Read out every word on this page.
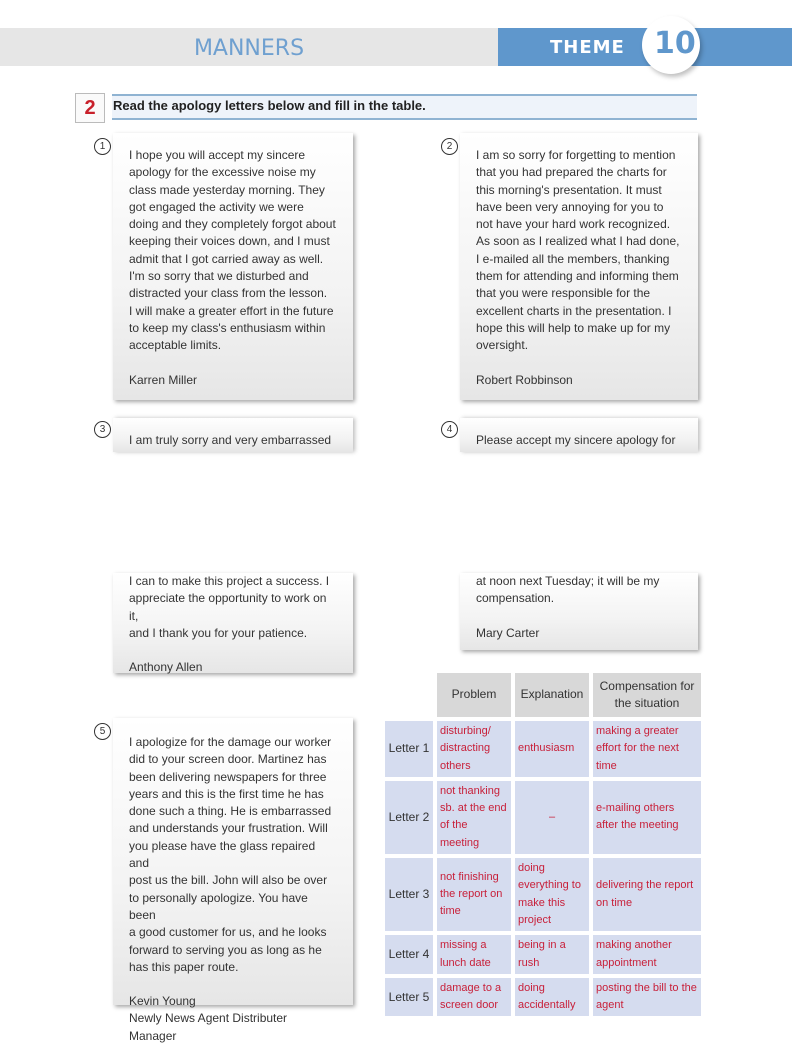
MANNERS	THEME 10
2	Read the apology letters below and fill in the table.
1

I hope you will accept my sincere
apology for the excessive noise my
class made yesterday morning. They
got engaged the activity we were
doing and they completely forgot about
keeping their voices down, and I must
admit that I got carried away as well.
I'm so sorry that we disturbed and
distracted your class from the lesson.
I will make a greater effort in the future
to keep my class's enthusiasm within
acceptable limits.

Karren Miller

2

I am so sorry for forgetting to mention
that you had prepared the charts for
this morning's presentation. It must
have been very annoying for you to
not have your hard work recognized.
As soon as I realized what I had done,
I e-mailed all the members, thanking
them for attending and informing them
that you were responsible for the
excellent charts in the presentation. I
hope this will help to make up for my
oversight.

Robert Robbinson

3

I am truly sorry and very embarrassed

I can to make this project a success. I
appreciate the opportunity to work on it,
and I thank you for your patience.

Anthony Allen

4

Please accept my sincere apology for

at noon next Tuesday; it will be my
compensation.

Mary Carter

5

I apologize for the damage our worker
did to your screen door. Martinez has
been delivering newspapers for three
years and this is the first time he has
done such a thing. He is embarrassed
and understands your frustration. Will
you please have the glass repaired and
post us the bill. John will also be over
to personally apologize. You have been
a good customer for us, and he looks
forward to serving you as long as he
has this paper route.

Kevin Young
Newly News Agent Distributer Manager

	Problem	Explanation	Compensation for the situation
Letter 1	disturbing/ distracting others	enthusiasm	making a greater effort for the next time
Letter 2	not thanking sb. at the end of the meeting	–	e-mailing others after the meeting
Letter 3	not finishing the report on time	doing everything to make this project	delivering the report on time
Letter 4	missing a lunch date	being in a rush	making another appointment
Letter 5	damage to a screen door	doing accidentally	posting the bill to the agent
